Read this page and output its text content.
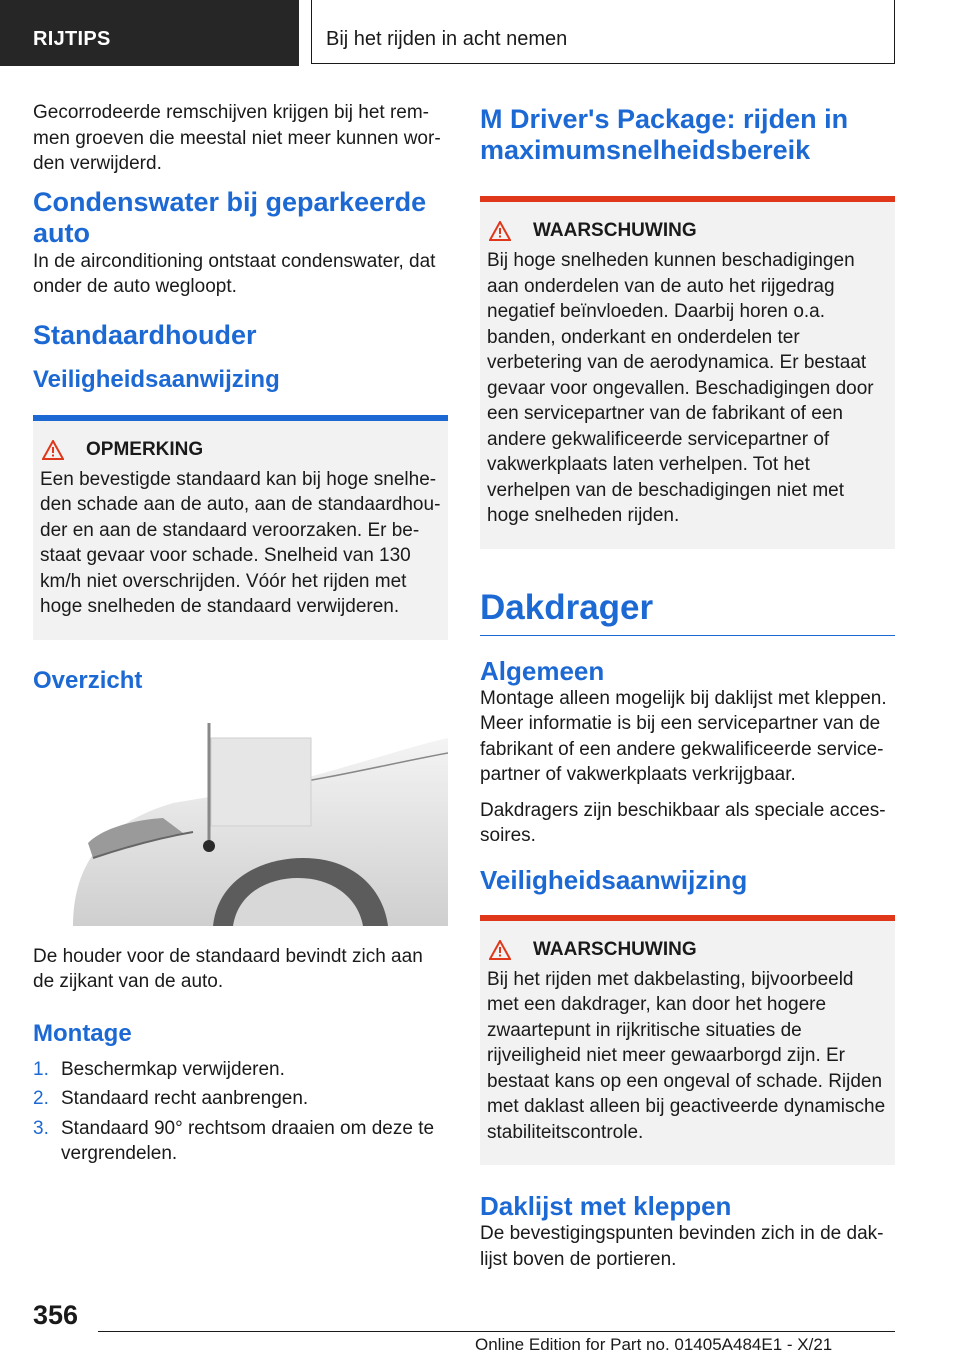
RIJTIPS	Bij het rijden in acht nemen

Gecorrodeerde remschijven krijgen bij het remmen groeven die meestal niet meer kunnen worden verwijderd.

Condenswater bij geparkeerde auto

In de airconditioning ontstaat condenswater, dat onder de auto wegloopt.

Standaardhouder
Veiligheidsaanwijzing
OPMERKING

Een bevestigde standaard kan bij hoge snelheden schade aan de auto, aan de standaardhouder en aan de standaard veroorzaken. Er bestaat gevaar voor schade. Snelheid van 130 km/h niet overschrijden. Vóór het rijden met hoge snelheden de standaard verwijderen.

Overzicht

De houder voor de standaard bevindt zich aan de zijkant van de auto.

Montage
1. Beschermkap verwijderen.
2. Standaard recht aanbrengen.
3. Standaard 90° rechtsom draaien om deze te vergrendelen.
M Driver's Package: rijden in maximumsnelheidsbereik
WAARSCHUWING

Bij hoge snelheden kunnen beschadigingen aan onderdelen van de auto het rijgedrag negatief beïnvloeden. Daarbij horen o.a. banden, onderkant en onderdelen ter verbetering van de aerodynamica. Er bestaat gevaar voor ongevallen. Beschadigingen door een servicepartner van de fabrikant of een andere gekwalificeerde servicepartner of vakwerkplaats laten verhelpen. Tot het verhelpen van de beschadigingen niet met hoge snelheden rijden.

Dakdrager
Algemeen

Montage alleen mogelijk bij daklijst met kleppen. Meer informatie is bij een servicepartner van de fabrikant of een andere gekwalificeerde servicepartner of vakwerkplaats verkrijgbaar.

Dakdragers zijn beschikbaar als speciale accessoires.

Veiligheidsaanwijzing
WAARSCHUWING

Bij het rijden met dakbelasting, bijvoorbeeld met een dakdrager, kan door het hogere zwaartepunt in rijkritische situaties de rijveiligheid niet meer gewaarborgd zijn. Er bestaat kans op een ongeval of schade. Rijden met daklast alleen bij geactiveerde dynamische stabiliteitscontrole.

Daklijst met kleppen

De bevestigingspunten bevinden zich in de daklijst boven de portieren.

356
Online Edition for Part no. 01405A484E1 - X/21
